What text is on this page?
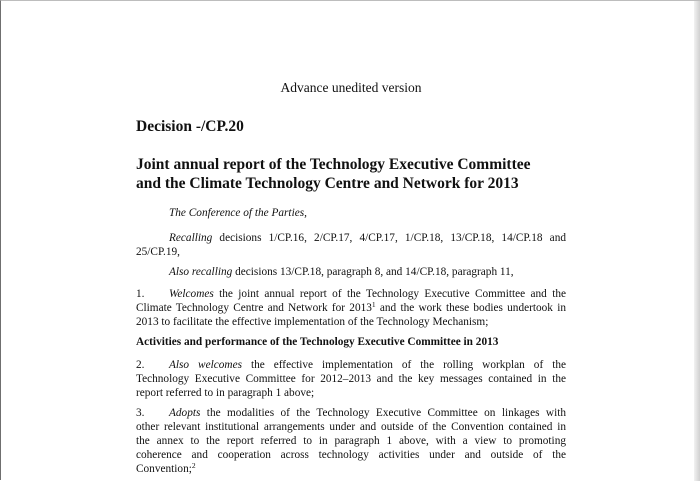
Advance unedited version
Decision -/CP.20
Joint annual report of the Technology Executive Committee
and the Climate Technology Centre and Network for 2013
The Conference of the Parties,
Recalling decisions 1/CP.16, 2/CP.17, 4/CP.17, 1/CP.18, 13/CP.18, 14/CP.18 and
25/CP.19,
Also recalling decisions 13/CP.18, paragraph 8, and 14/CP.18, paragraph 11,
1. Welcomes the joint annual report of the Technology Executive Committee and the
Climate Technology Centre and Network for 2013$^1$ and the work these bodies undertook in
2013 to facilitate the effective implementation of the Technology Mechanism;
Activities and performance of the Technology Executive Committee in 2013
2. Also welcomes the effective implementation of the rolling workplan of the
Technology Executive Committee for 2012–2013 and the key messages contained in the
report referred to in paragraph 1 above;
3. Adopts the modalities of the Technology Executive Committee on linkages with
other relevant institutional arrangements under and outside of the Convention contained in
the annex to the report referred to in paragraph 1 above, with a view to promoting
coherence and cooperation across technology activities under and outside of the
Convention;$^2$
